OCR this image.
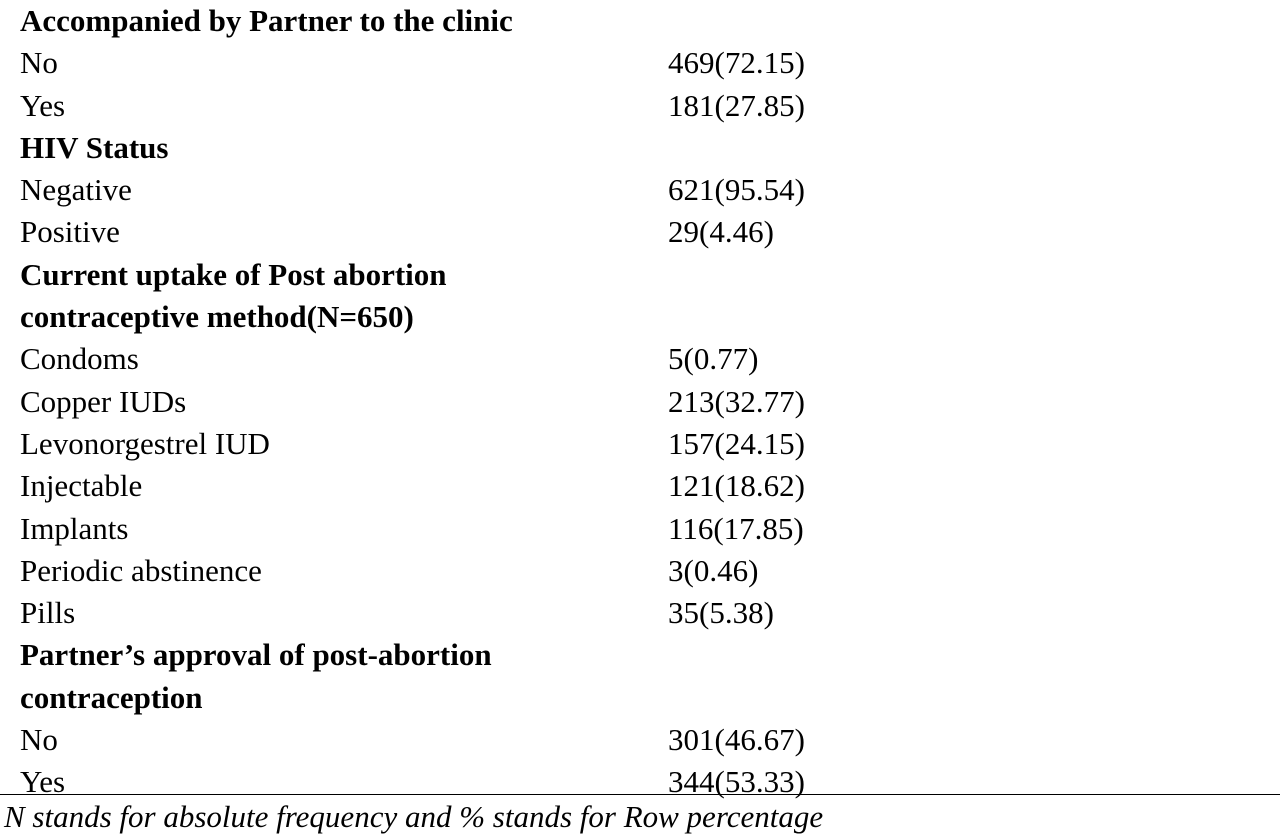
Accompanied by Partner to the clinic
No	469(72.15)
Yes	181(27.85)
HIV Status
Negative	621(95.54)
Positive	29(4.46)
Current uptake of Post abortion
contraceptive method(N=650)
Condoms	5(0.77)
Copper IUDs	213(32.77)
Levonorgestrel IUD	157(24.15)
Injectable	121(18.62)
Implants	116(17.85)
Periodic abstinence	3(0.46)
Pills	35(5.38)
Partner’s approval of post-abortion
contraception
No	301(46.67)
Yes	344(53.33)
N stands for absolute frequency and % stands for Row percentage
